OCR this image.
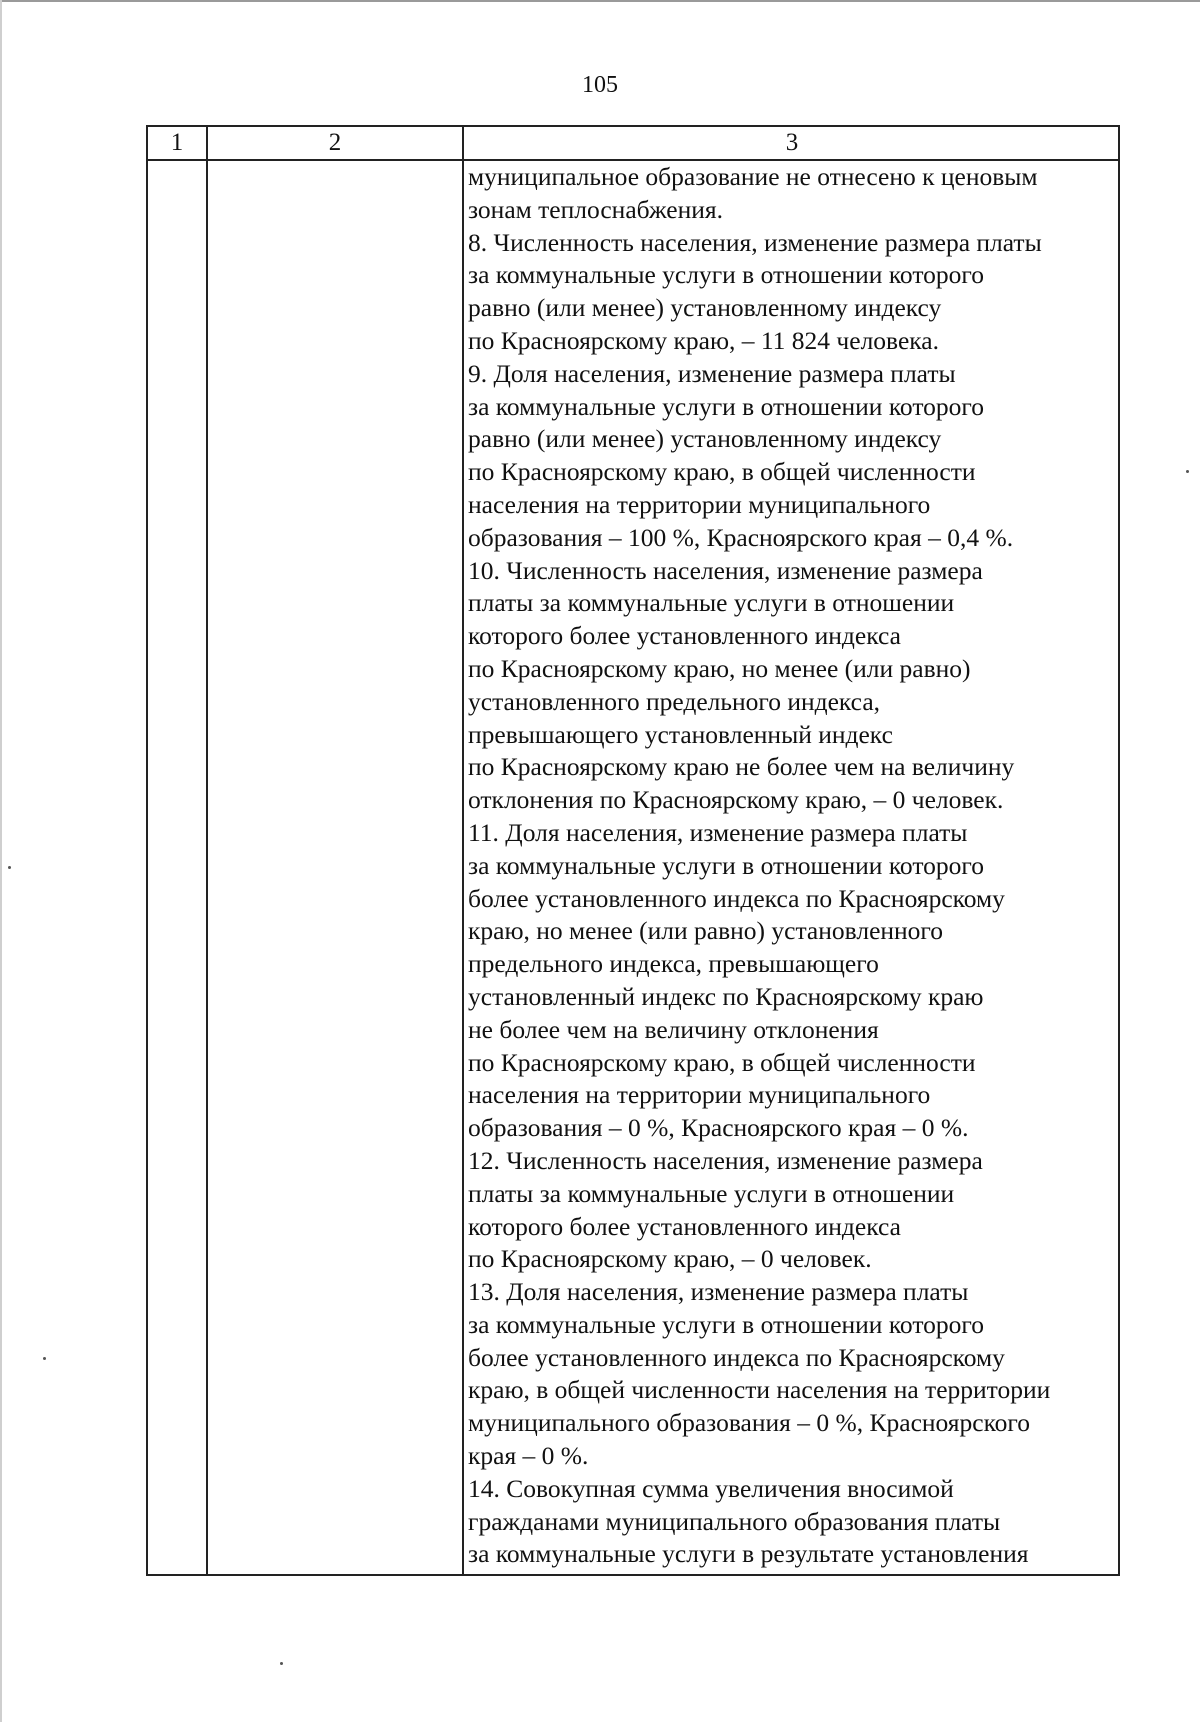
105
1	2	3
муниципальное образование не отнесено к ценовым
зонам теплоснабжения.
8. Численность населения, изменение размера платы
за коммунальные услуги в отношении которого
равно (или менее) установленному индексу
по Красноярскому краю, – 11 824 человека.
9. Доля населения, изменение размера платы
за коммунальные услуги в отношении которого
равно (или менее) установленному индексу
по Красноярскому краю, в общей численности
населения на территории муниципального
образования – 100 %, Красноярского края – 0,4 %.
10. Численность населения, изменение размера
платы за коммунальные услуги в отношении
которого более установленного индекса
по Красноярскому краю, но менее (или равно)
установленного предельного индекса,
превышающего установленный индекс
по Красноярскому краю не более чем на величину
отклонения по Красноярскому краю, – 0 человек.
11. Доля населения, изменение размера платы
за коммунальные услуги в отношении которого
более установленного индекса по Красноярскому
краю, но менее (или равно) установленного
предельного индекса, превышающего
установленный индекс по Красноярскому краю
не более чем на величину отклонения
по Красноярскому краю, в общей численности
населения на территории муниципального
образования – 0 %, Красноярского края – 0 %.
12. Численность населения, изменение размера
платы за коммунальные услуги в отношении
которого более установленного индекса
по Красноярскому краю, – 0 человек.
13. Доля населения, изменение размера платы
за коммунальные услуги в отношении которого
более установленного индекса по Красноярскому
краю, в общей численности населения на территории
муниципального образования – 0 %, Красноярского
края – 0 %.
14. Совокупная сумма увеличения вносимой
гражданами муниципального образования платы
за коммунальные услуги в результате установления
